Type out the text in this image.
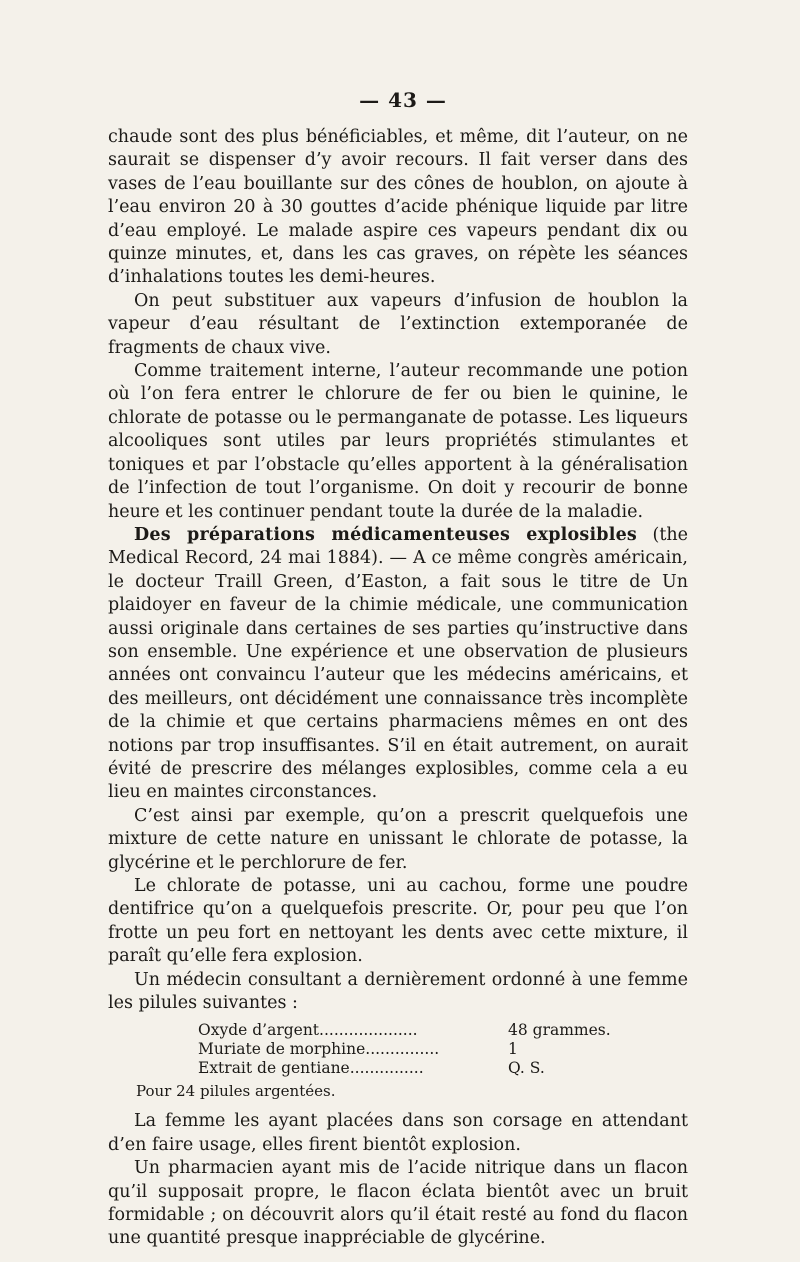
— 43 —

chaude sont des plus bénéficiables, et même, dit l’auteur, on ne saurait se dispenser d’y avoir recours. Il fait verser dans des vases de l’eau bouillante sur des cônes de houblon, on ajoute à l’eau environ 20 à 30 gouttes d’acide phénique liquide par litre d’eau employé. Le malade aspire ces vapeurs pendant dix ou quinze minutes, et, dans les cas graves, on répète les séances d’inhalations toutes les demi-heures.

On peut substituer aux vapeurs d’infusion de houblon la vapeur d’eau résultant de l’extinction extemporanée de fragments de chaux vive.

Comme traitement interne, l’auteur recommande une potion où l’on fera entrer le chlorure de fer ou bien le quinine, le chlorate de potasse ou le permanganate de potasse. Les liqueurs alcooliques sont utiles par leurs propriétés stimulantes et toniques et par l’obstacle qu’elles apportent à la généralisation de l’infection de tout l’organisme. On doit y recourir de bonne heure et les continuer pendant toute la durée de la maladie.

Des préparations médicamenteuses explosibles (the Medical Record, 24 mai 1884). — A ce même congrès américain, le docteur Traill Green, d’Easton, a fait sous le titre de Un plaidoyer en faveur de la chimie médicale, une communication aussi originale dans certaines de ses parties qu’instructive dans son ensemble. Une expérience et une observation de plusieurs années ont convaincu l’auteur que les médecins américains, et des meilleurs, ont décidément une connaissance très incomplète de la chimie et que certains pharmaciens mêmes en ont des notions par trop insuffisantes. S’il en était autrement, on aurait évité de prescrire des mélanges explosibles, comme cela a eu lieu en maintes circonstances.

C’est ainsi par exemple, qu’on a prescrit quelquefois une mixture de cette nature en unissant le chlorate de potasse, la glycérine et le perchlorure de fer.

Le chlorate de potasse, uni au cachou, forme une poudre dentifrice qu’on a quelquefois prescrite. Or, pour peu que l’on frotte un peu fort en nettoyant les dents avec cette mixture, il paraît qu’elle fera explosion.

Un médecin consultant a dernièrement ordonné à une femme les pilules suivantes :

Oxyde d’argent....................	48 grammes.
Muriate de morphine...............	1
Extrait de gentiane...............	Q. S.
Pour 24 pilules argentées.

La femme les ayant placées dans son corsage en attendant d’en faire usage, elles firent bientôt explosion.

Un pharmacien ayant mis de l’acide nitrique dans un flacon qu’il supposait propre, le flacon éclata bientôt avec un bruit formidable ; on découvrit alors qu’il était resté au fond du flacon une quantité presque inappréciable de glycérine.
